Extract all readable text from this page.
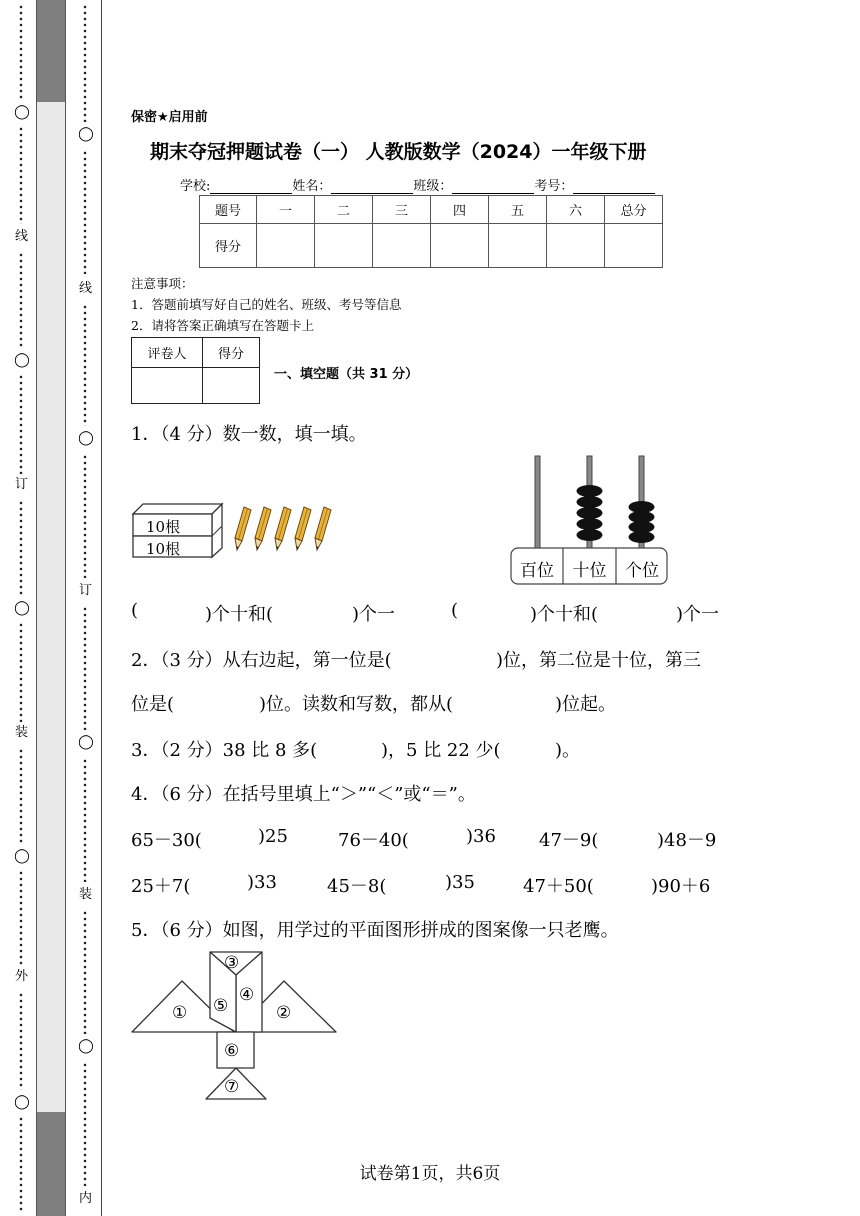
◯
线
◯
订
◯
装
◯
外
◯
◯
线
◯
订
◯
装
◯
内
保密★启用前
期末夺冠押题试卷（一） 人教版数学（2024）一年级下册
学校:	姓名：	班级：	考号：
题号	一	二	三	四	五	六	总分
得分							
注意事项：
1．答题前填写好自己的姓名、班级、考号等信息
2．请将答案正确填写在答题卡上
评卷人	得分

一、填空题（共 31 分）
1．（4 分）数一数，填一填。
10根
10根
百位	十位	个位
(	)个十和(	)个一	(	)个十和(	)个一
2．（3 分）从右边起，第一位是(	)位，第二位是十位，第三
位是(	)位。读数和写数，都从(	)位起。
3．（2 分）38 比 8 多(	)，5 比 22 少(	)。
4．（6 分）在括号里填上“＞”“＜”或“＝”。
65－30(	)25	76－40(	)36 47－9(	)48－9
25＋7(	)33	45－8(	)35	47＋50(	)90＋6
5．（6 分）如图，用学过的平面图形拼成的图案像一只老鹰。
①	②
③
④
⑤
⑥
⑦
试卷第1页，共6页
